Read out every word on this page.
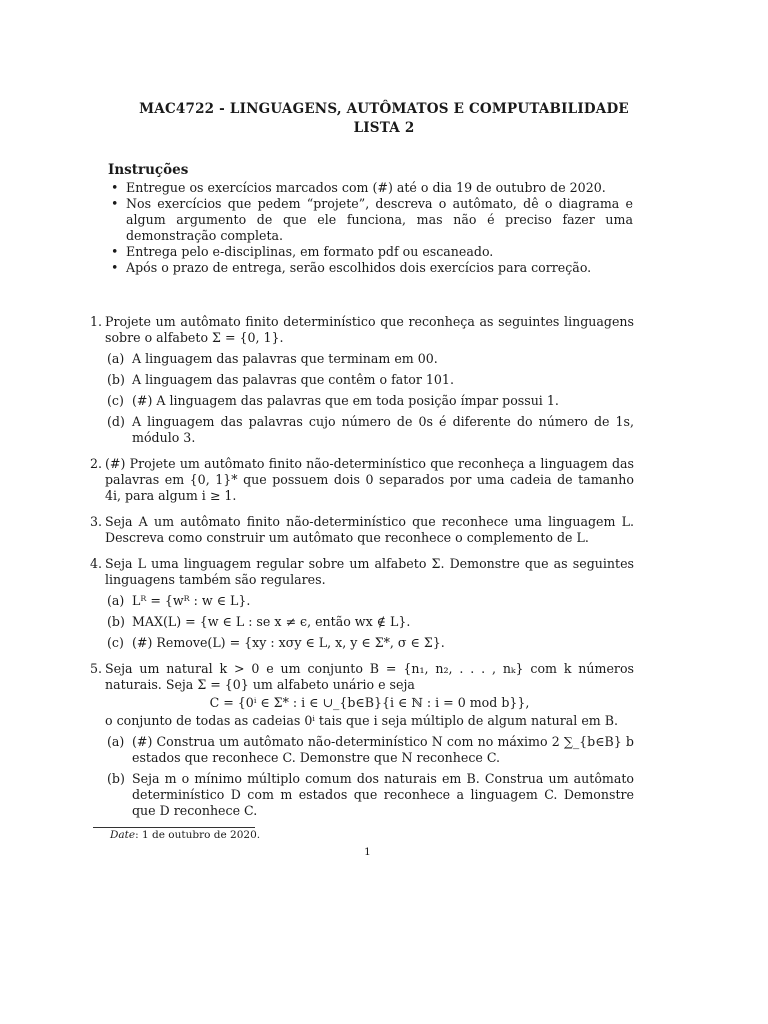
MAC4722 - LINGUAGENS, AUTÔMATOS E COMPUTABILIDADE
LISTA 2
Instruções
• Entregue os exercícios marcados com (#) até o dia 19 de outubro de 2020.
• Nos exercícios que pedem “projete”, descreva o autômato, dê o diagrama e algum argumento de que ele funciona, mas não é preciso fazer uma demonstração completa.
• Entrega pelo e-disciplinas, em formato pdf ou escaneado.
• Após o prazo de entrega, serão escolhidos dois exercícios para correção.
1. Projete um autômato finito determinístico que reconheça as seguintes linguagens sobre o alfabeto Σ = {0, 1}.
(a) A linguagem das palavras que terminam em 00.
(b) A linguagem das palavras que contêm o fator 101.
(c) (#) A linguagem das palavras que em toda posição ímpar possui 1.
(d) A linguagem das palavras cujo número de 0s é diferente do número de 1s, módulo 3.
2. (#) Projete um autômato finito não-determinístico que reconheça a linguagem das palavras em {0, 1}* que possuem dois 0 separados por uma cadeia de tamanho 4i, para algum i ≥ 1.
3. Seja A um autômato finito não-determinístico que reconhece uma linguagem L. Descreva como construir um autômato que reconhece o complemento de L.
4. Seja L uma linguagem regular sobre um alfabeto Σ. Demonstre que as seguintes linguagens também são regulares.
(a) Lᴿ = {wᴿ : w ∈ L}.
(b) MAX(L) = {w ∈ L : se x ≠ ϵ, então wx ∉ L}.
(c) (#) Remove(L) = {xy : xσy ∈ L, x, y ∈ Σ*, σ ∈ Σ}.
5. Seja um natural k > 0 e um conjunto B = {n₁, n₂, . . . , nₖ} com k números naturais. Seja Σ = {0} um alfabeto unário e seja
C = {0ⁱ ∈ Σ* : i ∈ ∪_{b∈B}{i ∈ ℕ : i = 0 mod b}},
o conjunto de todas as cadeias 0ⁱ tais que i seja múltiplo de algum natural em B.
(a) (#) Construa um autômato não-determinístico N com no máximo 2 ∑_{b∈B} b estados que reconhece C. Demonstre que N reconhece C.
(b) Seja m o mínimo múltiplo comum dos naturais em B. Construa um autômato determinístico D com m estados que reconhece a linguagem C. Demonstre que D reconhece C.
Date: 1 de outubro de 2020.
1
